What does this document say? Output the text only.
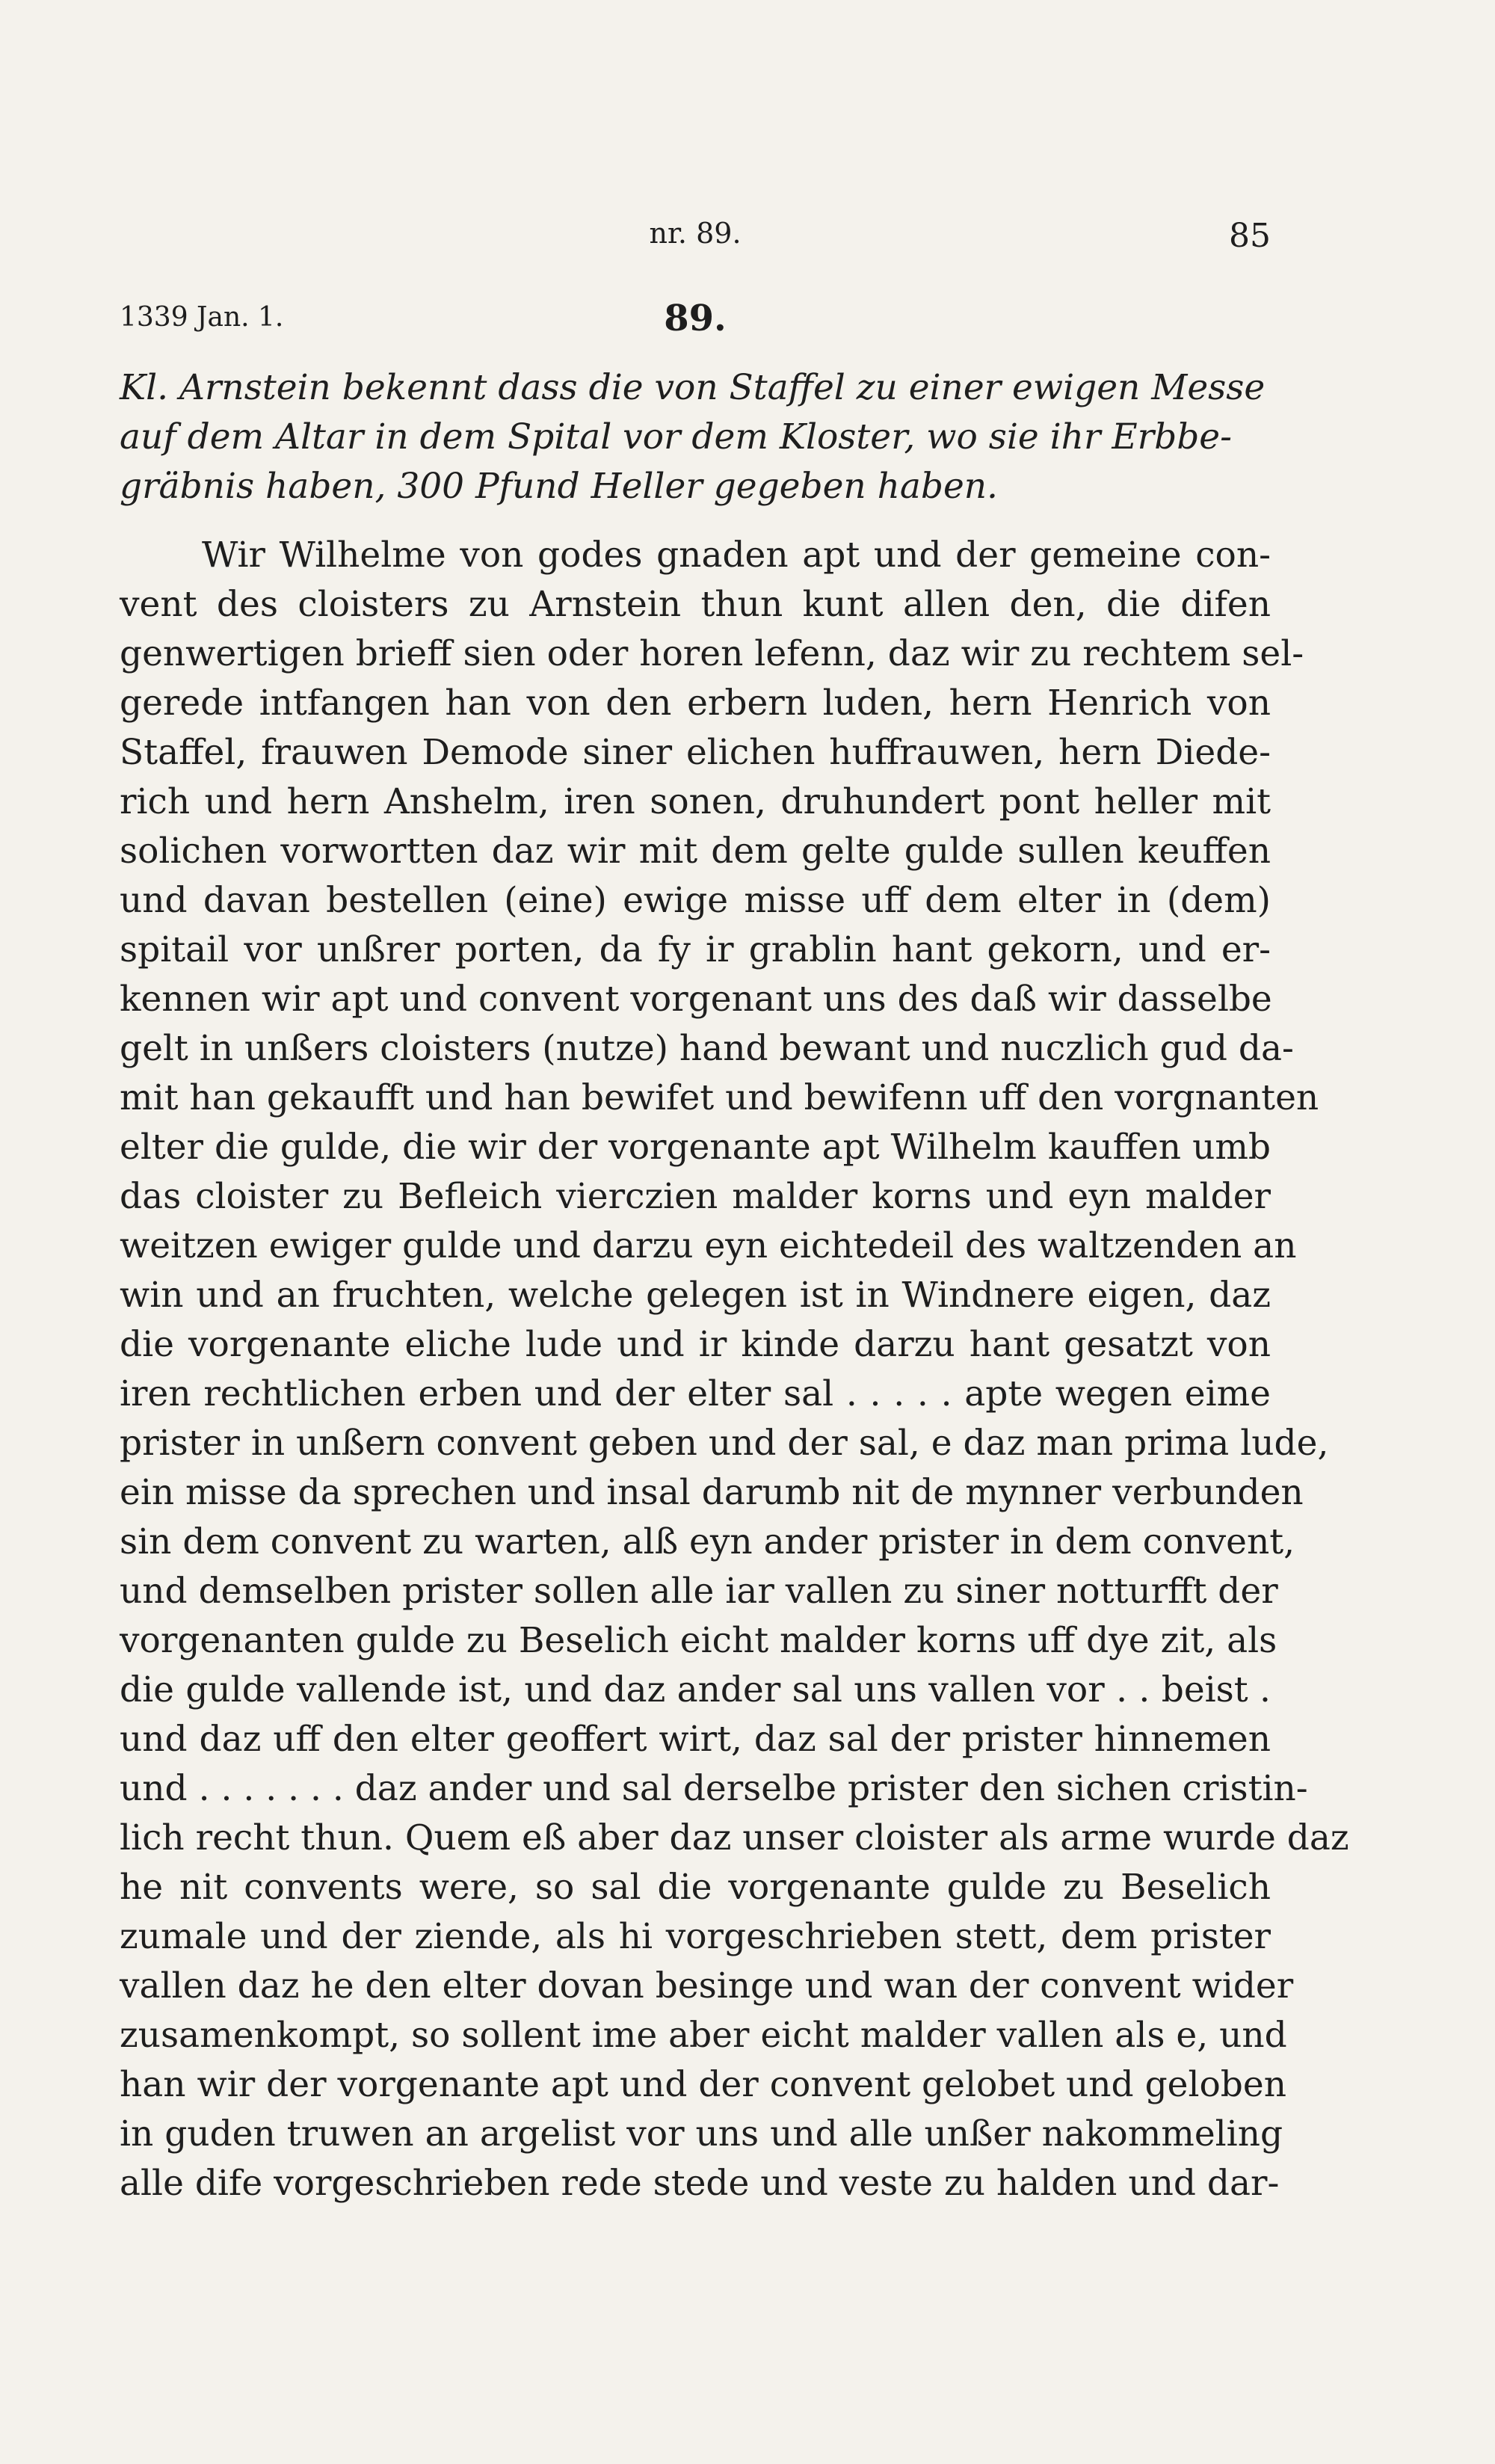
nr. 89.	85
1339 Jan. 1.	89.
Kl. Arnstein bekennt dass die von Staffel zu einer ewigen Messe
auf dem Altar in dem Spital vor dem Kloster, wo sie ihr Erbbe-
gräbnis haben, 300 Pfund Heller gegeben haben.
Wir Wilhelme von godes gnaden apt und der gemeine con-
vent des cloisters zu Arnstein thun kunt allen den, die difen
genwertigen brieff sien oder horen lefenn, daz wir zu rechtem sel-
gerede intfangen han von den erbern luden, hern Henrich von
Staffel, frauwen Demode siner elichen huffrauwen, hern Diede-
rich und hern Anshelm, iren sonen, druhundert pont heller mit
solichen vorwortten daz wir mit dem gelte gulde sullen keuffen
und davan bestellen (eine) ewige misse uff dem elter in (dem)
spitail vor unßrer porten, da fy ir grablin hant gekorn, und er-
kennen wir apt und convent vorgenant uns des daß wir dasselbe
gelt in unßers cloisters (nutze) hand bewant und nuczlich gud da-
mit han gekaufft und han bewifet und bewifenn uff den vorgnanten
elter die gulde, die wir der vorgenante apt Wilhelm kauffen umb
das cloister zu Befleich vierczien malder korns und eyn malder
weitzen ewiger gulde und darzu eyn eichtedeil des waltzenden an
win und an fruchten, welche gelegen ist in Windnere eigen, daz
die vorgenante eliche lude und ir kinde darzu hant gesatzt von
iren rechtlichen erben und der elter sal . . . . . apte wegen eime
prister in unßern convent geben und der sal, e daz man prima lude,
ein misse da sprechen und insal darumb nit de mynner verbunden
sin dem convent zu warten, alß eyn ander prister in dem convent,
und demselben prister sollen alle iar vallen zu siner notturfft der
vorgenanten gulde zu Beselich eicht malder korns uff dye zit, als
die gulde vallende ist, und daz ander sal uns vallen vor . . beist .
und daz uff den elter geoffert wirt, daz sal der prister hinnemen
und . . . . . . . daz ander und sal derselbe prister den sichen cristin-
lich recht thun. Quem eß aber daz unser cloister als arme wurde daz
he nit convents were, so sal die vorgenante gulde zu Beselich
zumale und der ziende, als hi vorgeschrieben stett, dem prister
vallen daz he den elter dovan besinge und wan der convent wider
zusamenkompt, so sollent ime aber eicht malder vallen als e, und
han wir der vorgenante apt und der convent gelobet und geloben
in guden truwen an argelist vor uns und alle unßer nakommeling
alle dife vorgeschrieben rede stede und veste zu halden und dar-
